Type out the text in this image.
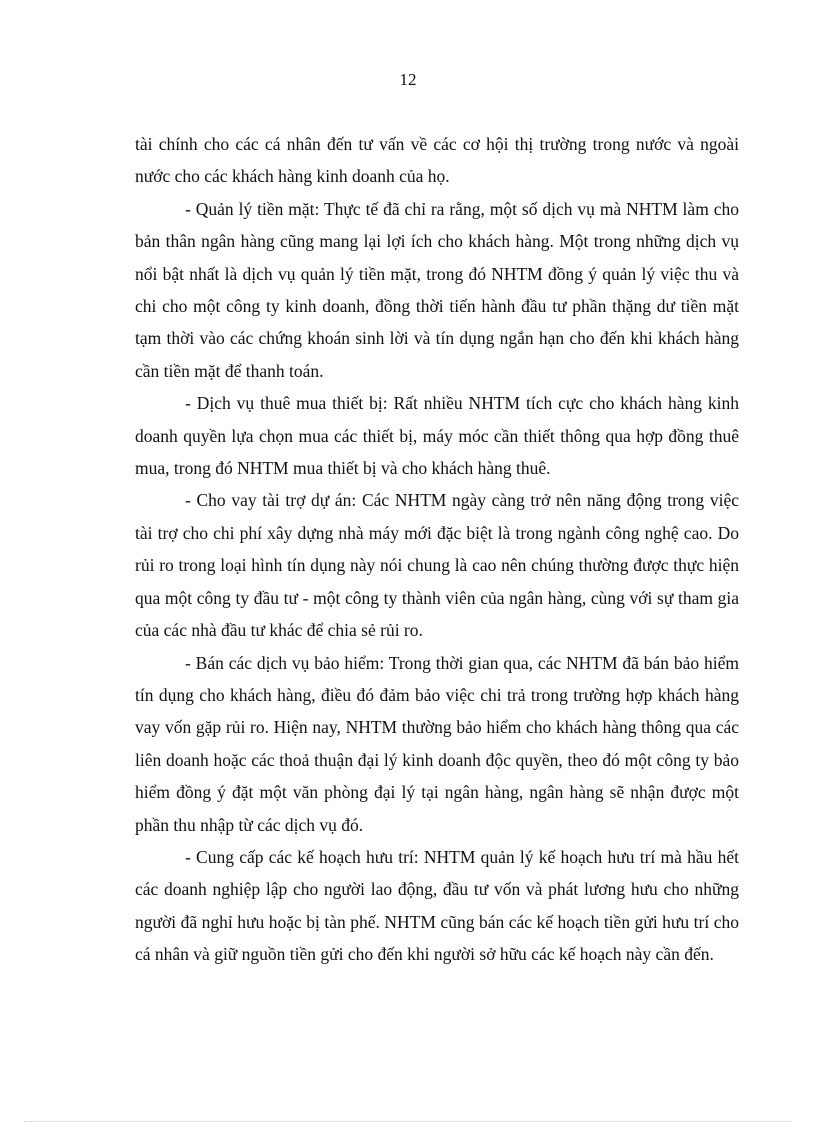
12

tài chính cho các cá nhân đến tư vấn về các cơ hội thị trường trong nước và ngoài nước cho các khách hàng kinh doanh của họ.

- Quản lý tiền mặt: Thực tế đã chỉ ra rằng, một số dịch vụ mà NHTM làm cho bản thân ngân hàng cũng mang lại lợi ích cho khách hàng. Một trong những dịch vụ nổi bật nhất là dịch vụ quản lý tiền mặt, trong đó NHTM đồng ý quản lý việc thu và chi cho một công ty kinh doanh, đồng thời tiến hành đầu tư phần thặng dư tiền mặt tạm thời vào các chứng khoán sinh lời và tín dụng ngắn hạn cho đến khi khách hàng cần tiền mặt để thanh toán.

- Dịch vụ thuê mua thiết bị: Rất nhiều NHTM tích cực cho khách hàng kinh doanh quyền lựa chọn mua các thiết bị, máy móc cần thiết thông qua hợp đồng thuê mua, trong đó NHTM mua thiết bị và cho khách hàng thuê.

- Cho vay tài trợ dự án: Các NHTM ngày càng trở nên năng động trong việc tài trợ cho chi phí xây dựng nhà máy mới đặc biệt là trong ngành công nghệ cao. Do rủi ro trong loại hình tín dụng này nói chung là cao nên chúng thường được thực hiện qua một công ty đầu tư - một công ty thành viên của ngân hàng, cùng với sự tham gia của các nhà đầu tư khác để chia sẻ rủi ro.

- Bán các dịch vụ bảo hiểm: Trong thời gian qua, các NHTM đã bán bảo hiểm tín dụng cho khách hàng, điều đó đảm bảo việc chi trả trong trường hợp khách hàng vay vốn gặp rủi ro. Hiện nay, NHTM thường bảo hiểm cho khách hàng thông qua các liên doanh hoặc các thoả thuận đại lý kinh doanh độc quyền, theo đó một công ty bảo hiểm đồng ý đặt một văn phòng đại lý tại ngân hàng, ngân hàng sẽ nhận được một phần thu nhập từ các dịch vụ đó.

- Cung cấp các kế hoạch hưu trí: NHTM quản lý kế hoạch hưu trí mà hầu hết các doanh nghiệp lập cho người lao động, đầu tư vốn và phát lương hưu cho những người đã nghỉ hưu hoặc bị tàn phế. NHTM cũng bán các kế hoạch tiền gửi hưu trí cho cá nhân và giữ nguồn tiền gửi cho đến khi người sở hữu các kế hoạch này cần đến.
